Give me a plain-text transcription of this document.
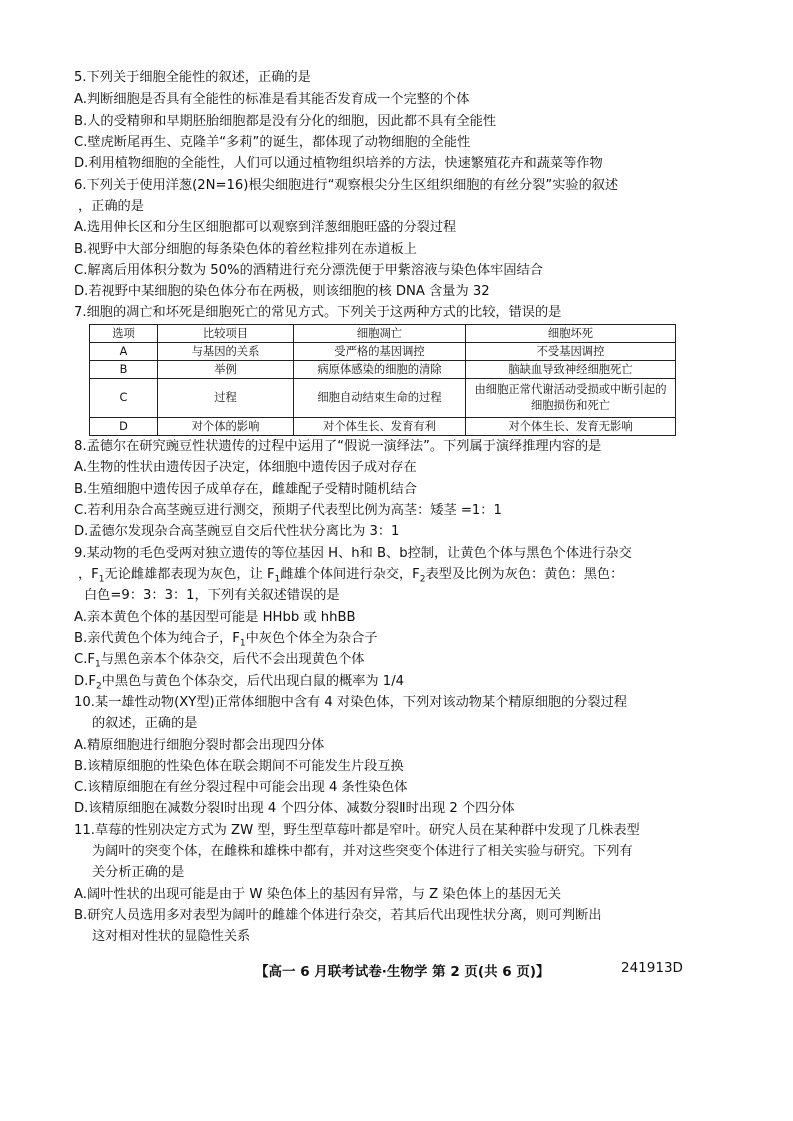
5.下列关于细胞全能性的叙述，正确的是
A.判断细胞是否具有全能性的标准是看其能否发育成一个完整的个体
B.人的受精卵和早期胚胎细胞都是没有分化的细胞，因此都不具有全能性
C.壁虎断尾再生、克隆羊“多莉”的诞生，都体现了动物细胞的全能性
D.利用植物细胞的全能性，人们可以通过植物组织培养的方法，快速繁殖花卉和蔬菜等作物
6.下列关于使用洋葱(2N=16)根尖细胞进行“观察根尖分生区组织细胞的有丝分裂”实验的叙述
，正确的是
A.选用伸长区和分生区细胞都可以观察到洋葱细胞旺盛的分裂过程
B.视野中大部分细胞的每条染色体的着丝粒排列在赤道板上
C.解离后用体积分数为 50%的酒精进行充分漂洗便于甲紫溶液与染色体牢固结合
D.若视野中某细胞的染色体分布在两极，则该细胞的核 DNA 含量为 32
7.细胞的凋亡和坏死是细胞死亡的常见方式。下列关于这两种方式的比较，错误的是
选项	比较项目	细胞凋亡	细胞坏死
A	与基因的关系	受严格的基因调控	不受基因调控
B	举例	病原体感染的细胞的清除	脑缺血导致神经细胞死亡
C	过程	细胞自动结束生命的过程	由细胞正常代谢活动受损或中断引起的细胞损伤和死亡
D	对个体的影响	对个体生长、发育有利	对个体生长、发育无影响
8.孟德尔在研究豌豆性状遗传的过程中运用了“假说一演绎法”。下列属于演绎推理内容的是
A.生物的性状由遗传因子决定，体细胞中遗传因子成对存在
B.生殖细胞中遗传因子成单存在，雌雄配子受精时随机结合
C.若利用杂合高茎豌豆进行测交，预期子代表型比例为高茎：矮茎 =1：1
D.孟德尔发现杂合高茎豌豆自交后代性状分离比为 3：1
9.某动物的毛色受两对独立遗传的等位基因 H、h和 B、b控制，让黄色个体与黑色个体进行杂交
，$F_1$无论雌雄都表现为灰色，让 $F_1$雌雄个体间进行杂交，$F_2$表型及比例为灰色：黄色：黑色：
白色=9：3：3：1，下列有关叙述错误的是
A.亲本黄色个体的基因型可能是 HHbb 或 hhBB
B.亲代黄色个体为纯合子，$F_1$中灰色个体全为杂合子
$C.F_1$与黑色亲本个体杂交，后代不会出现黄色个体
$D.F_2$中黑色与黄色个体杂交，后代出现白鼠的概率为 1/4
10.某一雄性动物(XY型)正常体细胞中含有 4 对染色体，下列对该动物某个精原细胞的分裂过程
的叙述，正确的是
A.精原细胞进行细胞分裂时都会出现四分体
B.该精原细胞的性染色体在联会期间不可能发生片段互换
C.该精原细胞在有丝分裂过程中可能会出现 4 条性染色体
D.该精原细胞在减数分裂Ⅰ时出现 4 个四分体、减数分裂Ⅱ时出现 2 个四分体
11.草莓的性别决定方式为 ZW 型，野生型草莓叶都是窄叶。研究人员在某种群中发现了几株表型
为阔叶的突变个体，在雌株和雄株中都有，并对这些突变个体进行了相关实验与研究。下列有
关分析正确的是
A.阔叶性状的出现可能是由于 W 染色体上的基因有异常，与 Z 染色体上的基因无关
B.研究人员选用多对表型为阔叶的雌雄个体进行杂交，若其后代出现性状分离，则可判断出
这对相对性状的显隐性关系
【高一 6 月联考试卷·生物学 第 2 页(共 6 页)】	241913D
